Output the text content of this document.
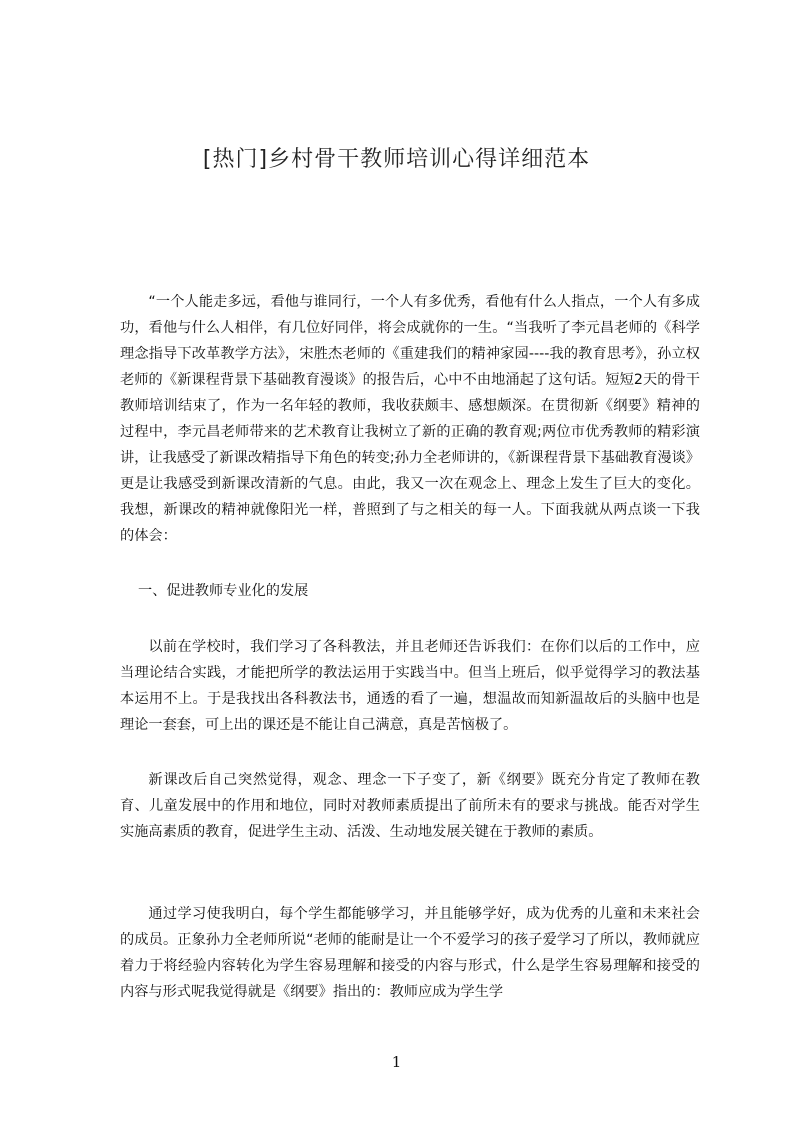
[热门]乡村骨干教师培训心得详细范本

“一个人能走多远，看他与谁同行，一个人有多优秀，看他有什么人指点，一个人有多成功，看他与什么人相伴，有几位好同伴，将会成就你的一生。“当我听了李元昌老师的《科学理念指导下改革教学方法》，宋胜杰老师的《重建我们的精神家园----我的教育思考》，孙立权老师的《新课程背景下基础教育漫谈》的报告后，心中不由地涌起了这句话。短短2天的骨干教师培训结束了，作为一名年轻的教师，我收获颇丰、感想颇深。在贯彻新《纲要》精神的过程中，李元昌老师带来的艺术教育让我树立了新的正确的教育观;两位市优秀教师的精彩演讲，让我感受了新课改精指导下角色的转变;孙力全老师讲的，《新课程背景下基础教育漫谈》更是让我感受到新课改清新的气息。由此，我又一次在观念上、理念上发生了巨大的变化。我想，新课改的精神就像阳光一样，普照到了与之相关的每一人。下面我就从两点谈一下我的体会：

一、促进教师专业化的发展

以前在学校时，我们学习了各科教法，并且老师还告诉我们：在你们以后的工作中，应当理论结合实践，才能把所学的教法运用于实践当中。但当上班后，似乎觉得学习的教法基本运用不上。于是我找出各科教法书，通透的看了一遍，想温故而知新温故后的头脑中也是理论一套套，可上出的课还是不能让自己满意，真是苦恼极了。

新课改后自己突然觉得，观念、理念一下子变了，新《纲要》既充分肯定了教师在教育、儿童发展中的作用和地位，同时对教师素质提出了前所未有的要求与挑战。能否对学生实施高素质的教育，促进学生主动、活泼、生动地发展关键在于教师的素质。

通过学习使我明白，每个学生都能够学习，并且能够学好，成为优秀的儿童和未来社会的成员。正象孙力全老师所说“老师的能耐是让一个不爱学习的孩子爱学习了所以，教师就应着力于将经验内容转化为学生容易理解和接受的内容与形式，什么是学生容易理解和接受的内容与形式呢我觉得就是《纲要》指出的：教师应成为学生学

1
